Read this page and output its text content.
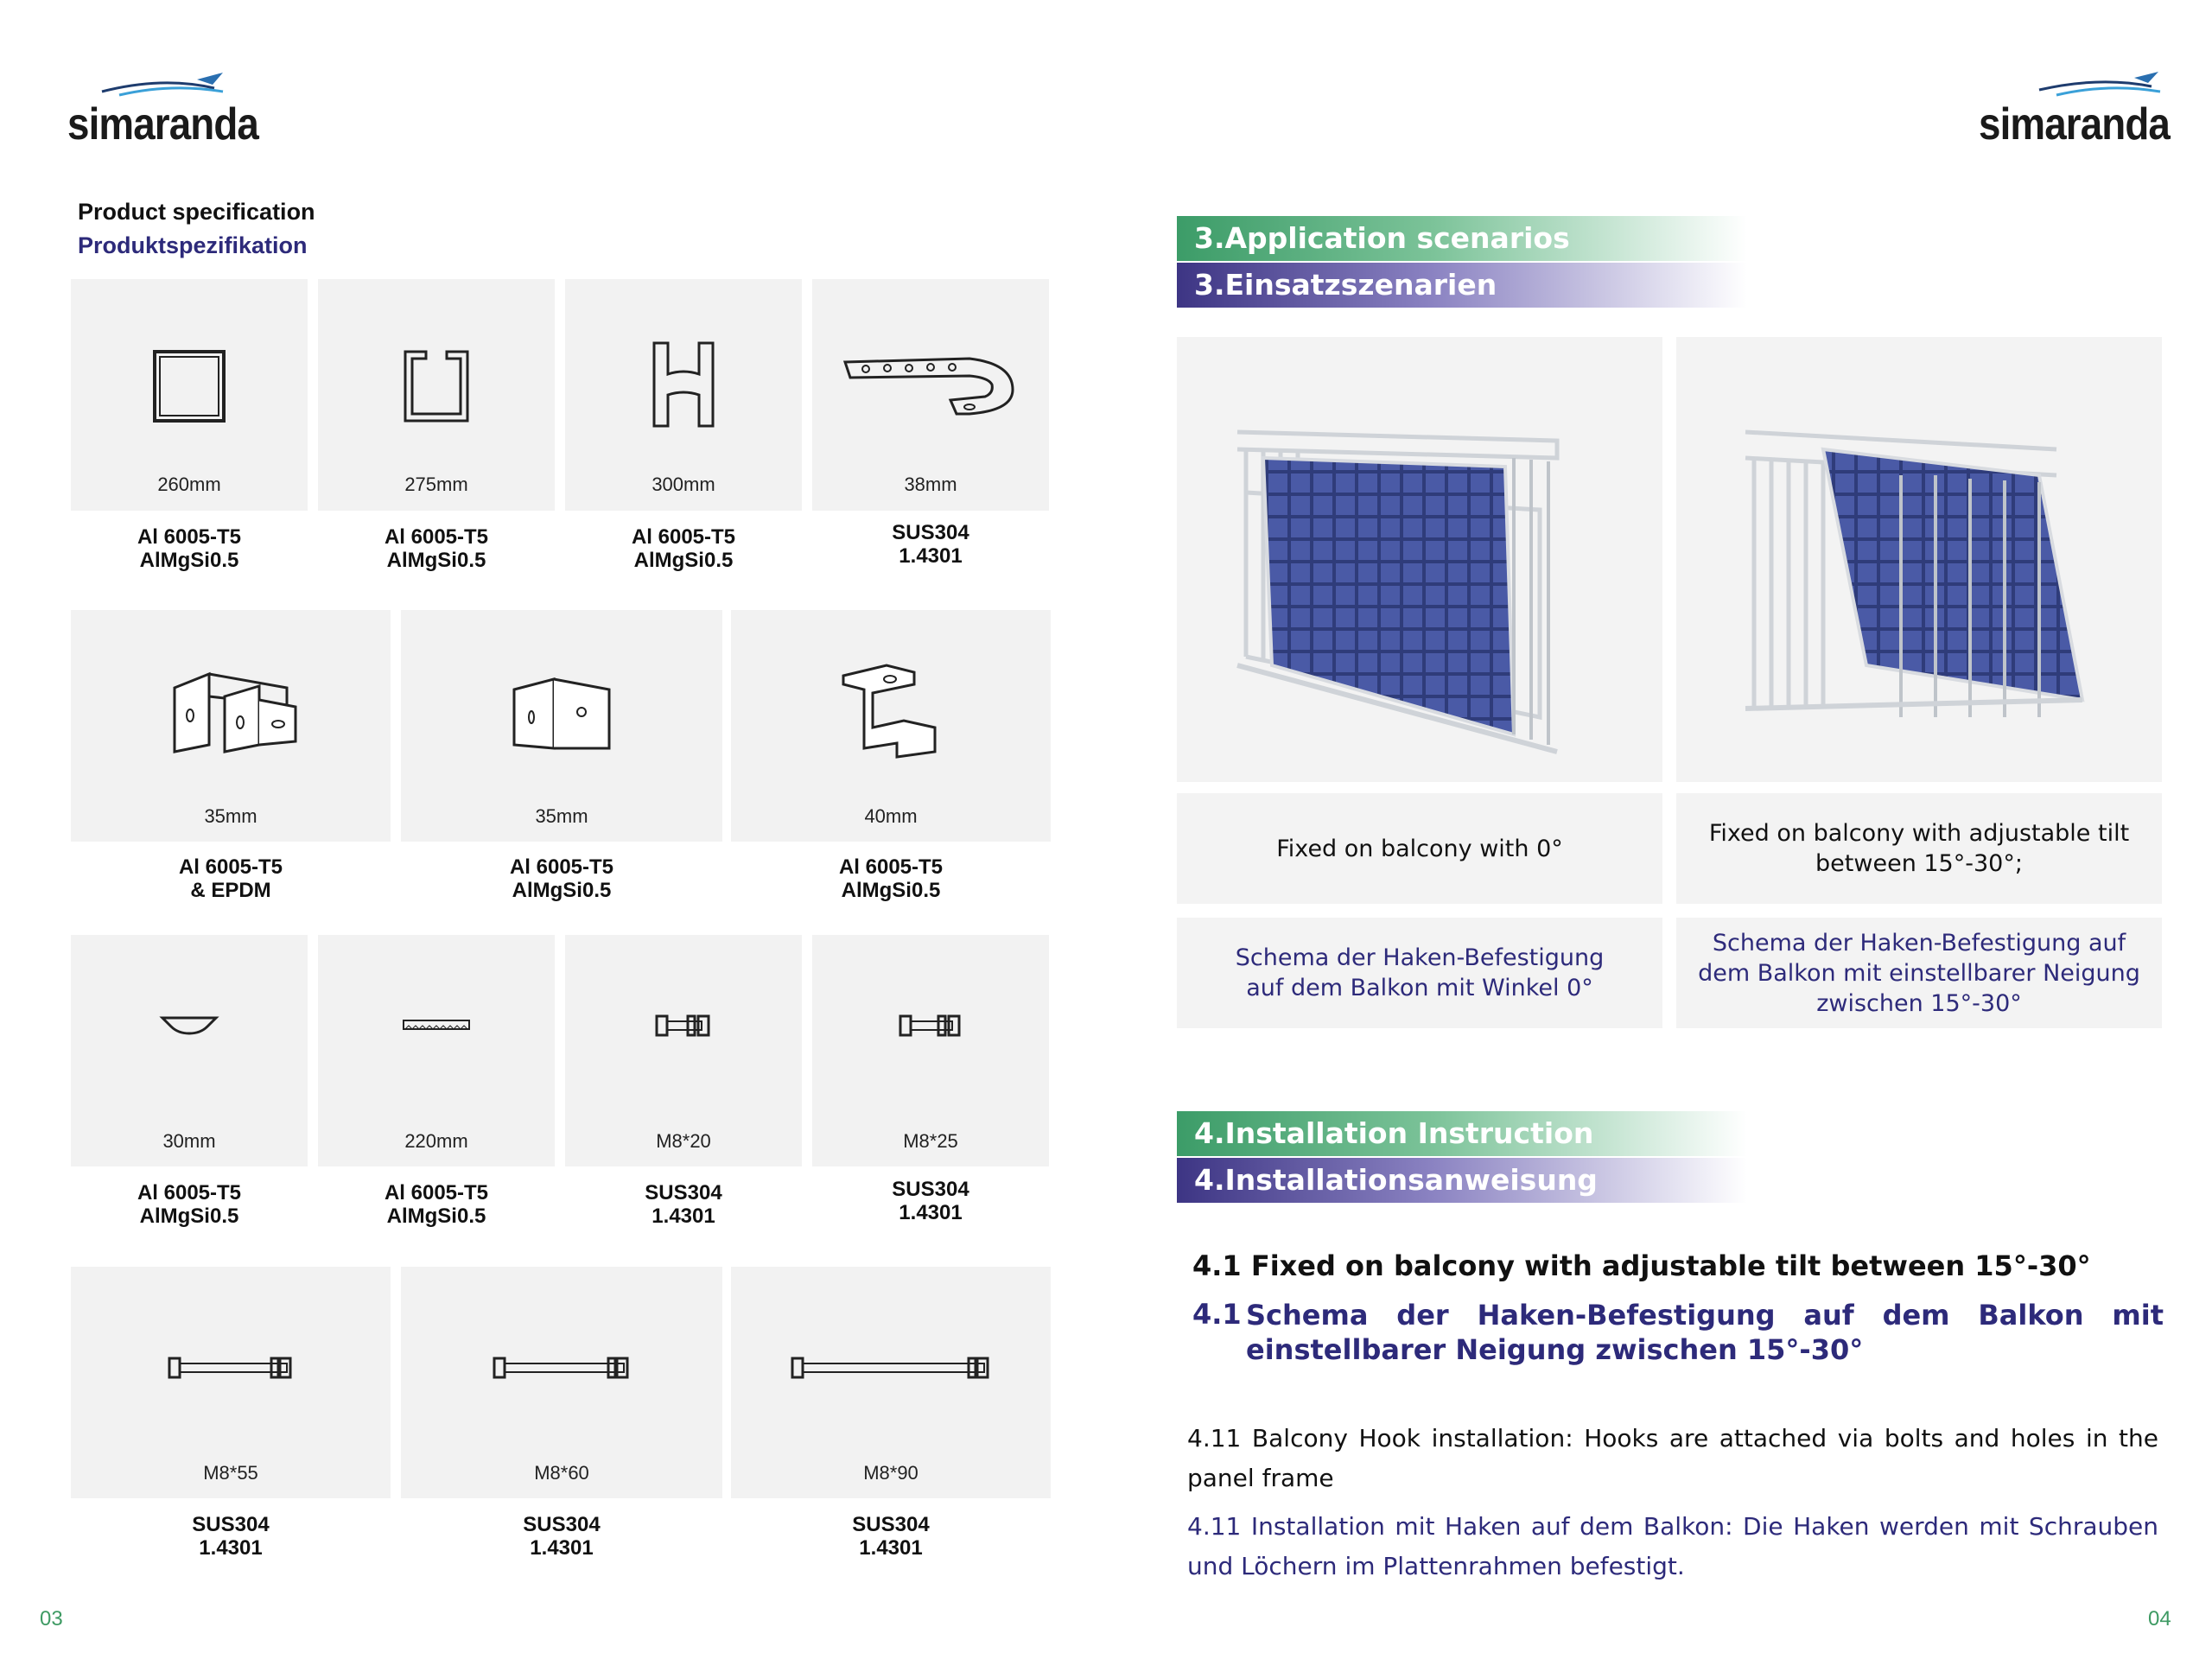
simaranda	simaranda
Product specification
Produktspezifikation
260mm
Al 6005-T5
AlMgSi0.5
275mm
Al 6005-T5
AlMgSi0.5
300mm
Al 6005-T5
AlMgSi0.5
38mm
SUS304
1.4301
35mm
Al 6005-T5
& EPDM
35mm
Al 6005-T5
AlMgSi0.5
40mm
Al 6005-T5
AlMgSi0.5
30mm
Al 6005-T5
AlMgSi0.5
220mm
Al 6005-T5
AlMgSi0.5
M8*20
SUS304
1.4301
M8*25
SUS304
1.4301
M8*55
SUS304
1.4301
M8*60
SUS304
1.4301
M8*90
SUS304
1.4301
03
3.Application scenarios
3.Einsatzszenarien
Fixed on balcony with 0°
Fixed on balcony with adjustable tilt between 15°-30°;
Schema der Haken-Befestigung auf dem Balkon mit Winkel 0°
Schema der Haken-Befestigung auf dem Balkon mit einstellbarer Neigung zwischen 15°-30°
4.Installation Instruction
4.Installationsanweisung
4.1 Fixed on balcony with adjustable tilt between 15°-30°
4.1 Schema der Haken-Befestigung auf dem Balkon mit einstellbarer Neigung zwischen 15°-30°
4.11 Balcony Hook installation: Hooks are attached via bolts and holes in the panel frame
4.11 Installation mit Haken auf dem Balkon: Die Haken werden mit Schrauben und Löchern im Plattenrahmen befestigt.
04
